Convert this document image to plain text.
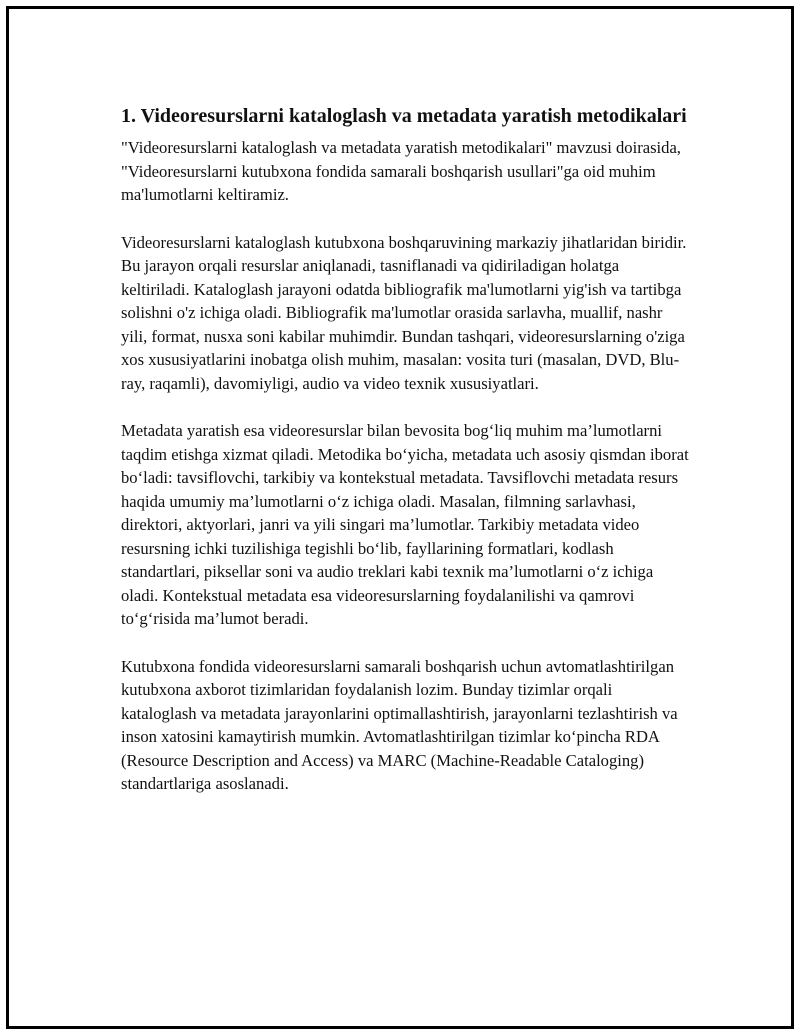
1. Videoresurslarni kataloglash va metadata yaratish metodikalari

"Videoresurslarni kataloglash va metadata yaratish metodikalari" mavzusi doirasida, "Videoresurslarni kutubxona fondida samarali boshqarish usullari"ga oid muhim ma'lumotlarni keltiramiz.

Videoresurslarni kataloglash kutubxona boshqaruvining markaziy jihatlaridan biridir. Bu jarayon orqali resurslar aniqlanadi, tasniflanadi va qidiriladigan holatga keltiriladi. Kataloglash jarayoni odatda bibliografik ma'lumotlarni yig'ish va tartibga solishni o'z ichiga oladi. Bibliografik ma'lumotlar orasida sarlavha, muallif, nashr yili, format, nusxa soni kabilar muhimdir. Bundan tashqari, videoresurslarning o'ziga xos xususiyatlarini inobatga olish muhim, masalan: vosita turi (masalan, DVD, Blu-ray, raqamli), davomiyligi, audio va video texnik xususiyatlari.

Metadata yaratish esa videoresurslar bilan bevosita bog‘liq muhim ma’lumotlarni taqdim etishga xizmat qiladi. Metodika bo‘yicha, metadata uch asosiy qismdan iborat bo‘ladi: tavsiflovchi, tarkibiy va kontekstual metadata. Tavsiflovchi metadata resurs haqida umumiy ma’lumotlarni o‘z ichiga oladi. Masalan, filmning sarlavhasi, direktori, aktyorlari, janri va yili singari ma’lumotlar. Tarkibiy metadata video resursning ichki tuzilishiga tegishli bo‘lib, fayllarining formatlari, kodlash standartlari, piksellar soni va audio treklari kabi texnik ma’lumotlarni o‘z ichiga oladi. Kontekstual metadata esa videoresurslarning foydalanilishi va qamrovi to‘g‘risida ma’lumot beradi.

Kutubxona fondida videoresurslarni samarali boshqarish uchun avtomatlashtirilgan kutubxona axborot tizimlaridan foydalanish lozim. Bunday tizimlar orqali kataloglash va metadata jarayonlarini optimallashtirish, jarayonlarni tezlashtirish va inson xatosini kamaytirish mumkin. Avtomatlashtirilgan tizimlar ko‘pincha RDA (Resource Description and Access) va MARC (Machine-Readable Cataloging) standartlariga asoslanadi.
